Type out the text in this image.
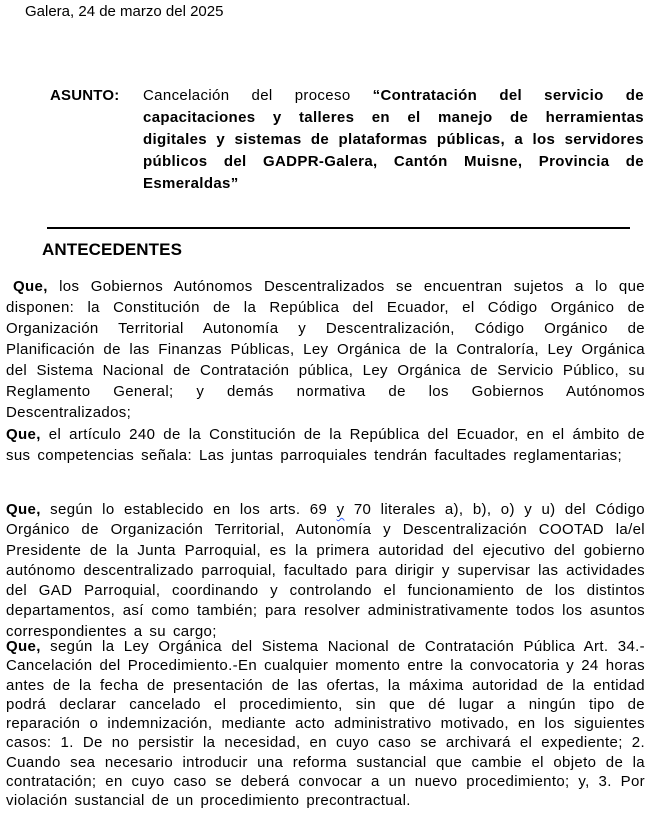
Galera, 24 de marzo del 2025
ASUNTO: Cancelación del proceso “Contratación del servicio de capacitaciones y talleres en el manejo de herramientas digitales y sistemas de plataformas públicas, a los servidores públicos del GADPR-Galera, Cantón Muisne, Provincia de Esmeraldas”
ANTECEDENTES
Que, los Gobiernos Autónomos Descentralizados se encuentran sujetos a lo que disponen: la Constitución de la República del Ecuador, el Código Orgánico de Organización Territorial Autonomía y Descentralización, Código Orgánico de Planificación de las Finanzas Públicas, Ley Orgánica de la Contraloría, Ley Orgánica del Sistema Nacional de Contratación pública, Ley Orgánica de Servicio Público, su Reglamento General; y demás normativa de los Gobiernos Autónomos Descentralizados;
Que, el artículo 240 de la Constitución de la República del Ecuador, en el ámbito de sus competencias señala: Las juntas parroquiales tendrán facultades reglamentarias;
Que, según lo establecido en los arts. 69 y 70 literales a), b), o) y u) del Código Orgánico de Organización Territorial, Autonomía y Descentralización COOTAD la/el Presidente de la Junta Parroquial, es la primera autoridad del ejecutivo del gobierno autónomo descentralizado parroquial, facultado para dirigir y supervisar las actividades del GAD Parroquial, coordinando y controlando el funcionamiento de los distintos departamentos, así como también; para resolver administrativamente todos los asuntos correspondientes a su cargo;
Que, según la Ley Orgánica del Sistema Nacional de Contratación Pública Art. 34.- Cancelación del Procedimiento.-En cualquier momento entre la convocatoria y 24 horas antes de la fecha de presentación de las ofertas, la máxima autoridad de la entidad podrá declarar cancelado el procedimiento, sin que dé lugar a ningún tipo de reparación o indemnización, mediante acto administrativo motivado, en los siguientes casos: 1. De no persistir la necesidad, en cuyo caso se archivará el expediente; 2. Cuando sea necesario introducir una reforma sustancial que cambie el objeto de la contratación; en cuyo caso se deberá convocar a un nuevo procedimiento; y, 3. Por violación sustancial de un procedimiento precontractual.
